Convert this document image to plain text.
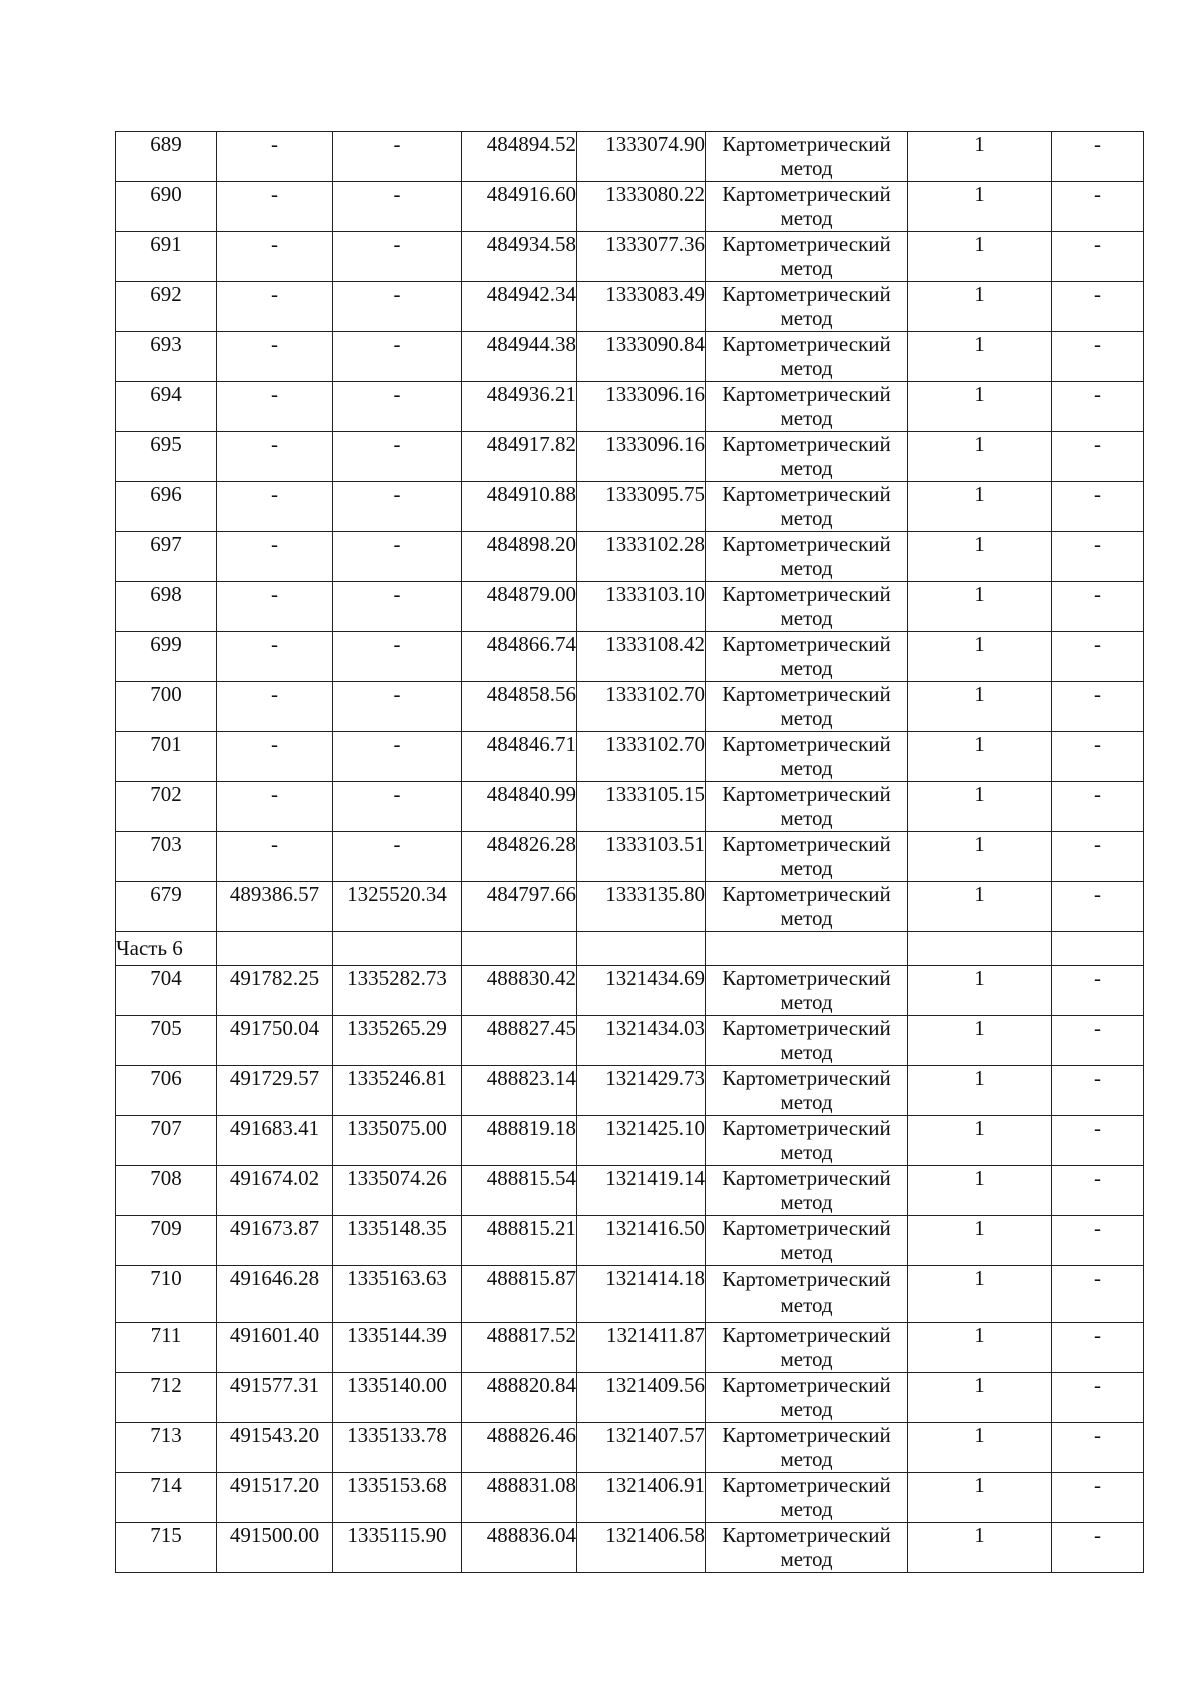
689	-	-	484894.52	1333074.90	Картометрический
метод	1	-
690	-	-	484916.60	1333080.22	Картометрический
метод	1	-
691	-	-	484934.58	1333077.36	Картометрический
метод	1	-
692	-	-	484942.34	1333083.49	Картометрический
метод	1	-
693	-	-	484944.38	1333090.84	Картометрический
метод	1	-
694	-	-	484936.21	1333096.16	Картометрический
метод	1	-
695	-	-	484917.82	1333096.16	Картометрический
метод	1	-
696	-	-	484910.88	1333095.75	Картометрический
метод	1	-
697	-	-	484898.20	1333102.28	Картометрический
метод	1	-
698	-	-	484879.00	1333103.10	Картометрический
метод	1	-
699	-	-	484866.74	1333108.42	Картометрический
метод	1	-
700	-	-	484858.56	1333102.70	Картометрический
метод	1	-
701	-	-	484846.71	1333102.70	Картометрический
метод	1	-
702	-	-	484840.99	1333105.15	Картометрический
метод	1	-
703	-	-	484826.28	1333103.51	Картометрический
метод	1	-
679	489386.57	1325520.34	484797.66	1333135.80	Картометрический
метод	1	-
Часть 6							
704	491782.25	1335282.73	488830.42	1321434.69	Картометрический
метод	1	-
705	491750.04	1335265.29	488827.45	1321434.03	Картометрический
метод	1	-
706	491729.57	1335246.81	488823.14	1321429.73	Картометрический
метод	1	-
707	491683.41	1335075.00	488819.18	1321425.10	Картометрический
метод	1	-
708	491674.02	1335074.26	488815.54	1321419.14	Картометрический
метод	1	-
709	491673.87	1335148.35	488815.21	1321416.50	Картометрический
метод	1	-
710	491646.28	1335163.63	488815.87	1321414.18	Картометрический
метод	1	-
711	491601.40	1335144.39	488817.52	1321411.87	Картометрический
метод	1	-
712	491577.31	1335140.00	488820.84	1321409.56	Картометрический
метод	1	-
713	491543.20	1335133.78	488826.46	1321407.57	Картометрический
метод	1	-
714	491517.20	1335153.68	488831.08	1321406.91	Картометрический
метод	1	-
715	491500.00	1335115.90	488836.04	1321406.58	Картометрический
метод	1	-
